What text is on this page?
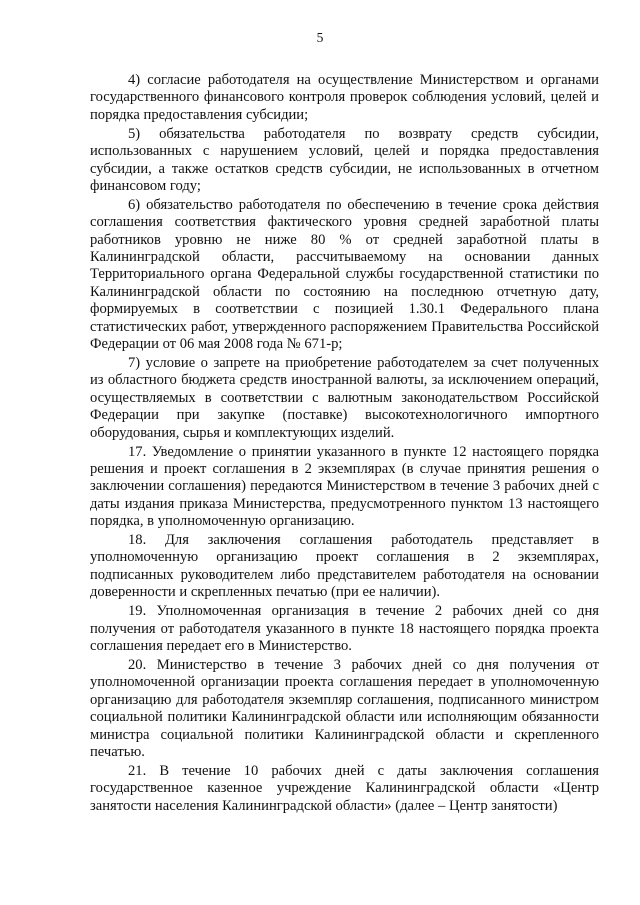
5

4) согласие работодателя на осуществление Министерством и органами государственного финансового контроля проверок соблюдения условий, целей и порядка предоставления субсидии;

5) обязательства работодателя по возврату средств субсидии, использованных с нарушением условий, целей и порядка предоставления субсидии, а также остатков средств субсидии, не использованных в отчетном финансовом году;

6) обязательство работодателя по обеспечению в течение срока действия соглашения соответствия фактического уровня средней заработной платы работников уровню не ниже 80 % от средней заработной платы в Калининградской области, рассчитываемому на основании данных Территориального органа Федеральной службы государственной статистики по Калининградской области по состоянию на последнюю отчетную дату, формируемых в соответствии с позицией 1.30.1 Федерального плана статистических работ, утвержденного распоряжением Правительства Российской Федерации от 06 мая 2008 года № 671-р;

7) условие о запрете на приобретение работодателем за счет полученных из областного бюджета средств иностранной валюты, за исключением операций, осуществляемых в соответствии с валютным законодательством Российской Федерации при закупке (поставке) высокотехнологичного импортного оборудования, сырья и комплектующих изделий.

17. Уведомление о принятии указанного в пункте 12 настоящего порядка решения и проект соглашения в 2 экземплярах (в случае принятия решения о заключении соглашения) передаются Министерством в течение 3 рабочих дней с даты издания приказа Министерства, предусмотренного пунктом 13 настоящего порядка, в уполномоченную организацию.

18. Для заключения соглашения работодатель представляет в уполномоченную организацию проект соглашения в 2 экземплярах, подписанных руководителем либо представителем работодателя на основании доверенности и скрепленных печатью (при ее наличии).

19. Уполномоченная организация в течение 2 рабочих дней со дня получения от работодателя указанного в пункте 18 настоящего порядка проекта соглашения передает его в Министерство.

20. Министерство в течение 3 рабочих дней со дня получения от уполномоченной организации проекта соглашения передает в уполномоченную организацию для работодателя экземпляр соглашения, подписанного министром социальной политики Калининградской области или исполняющим обязанности министра социальной политики Калининградской области и скрепленного печатью.

21. В течение 10 рабочих дней с даты заключения соглашения государственное казенное учреждение Калининградской области «Центр занятости населения Калининградской области» (далее – Центр занятости)
